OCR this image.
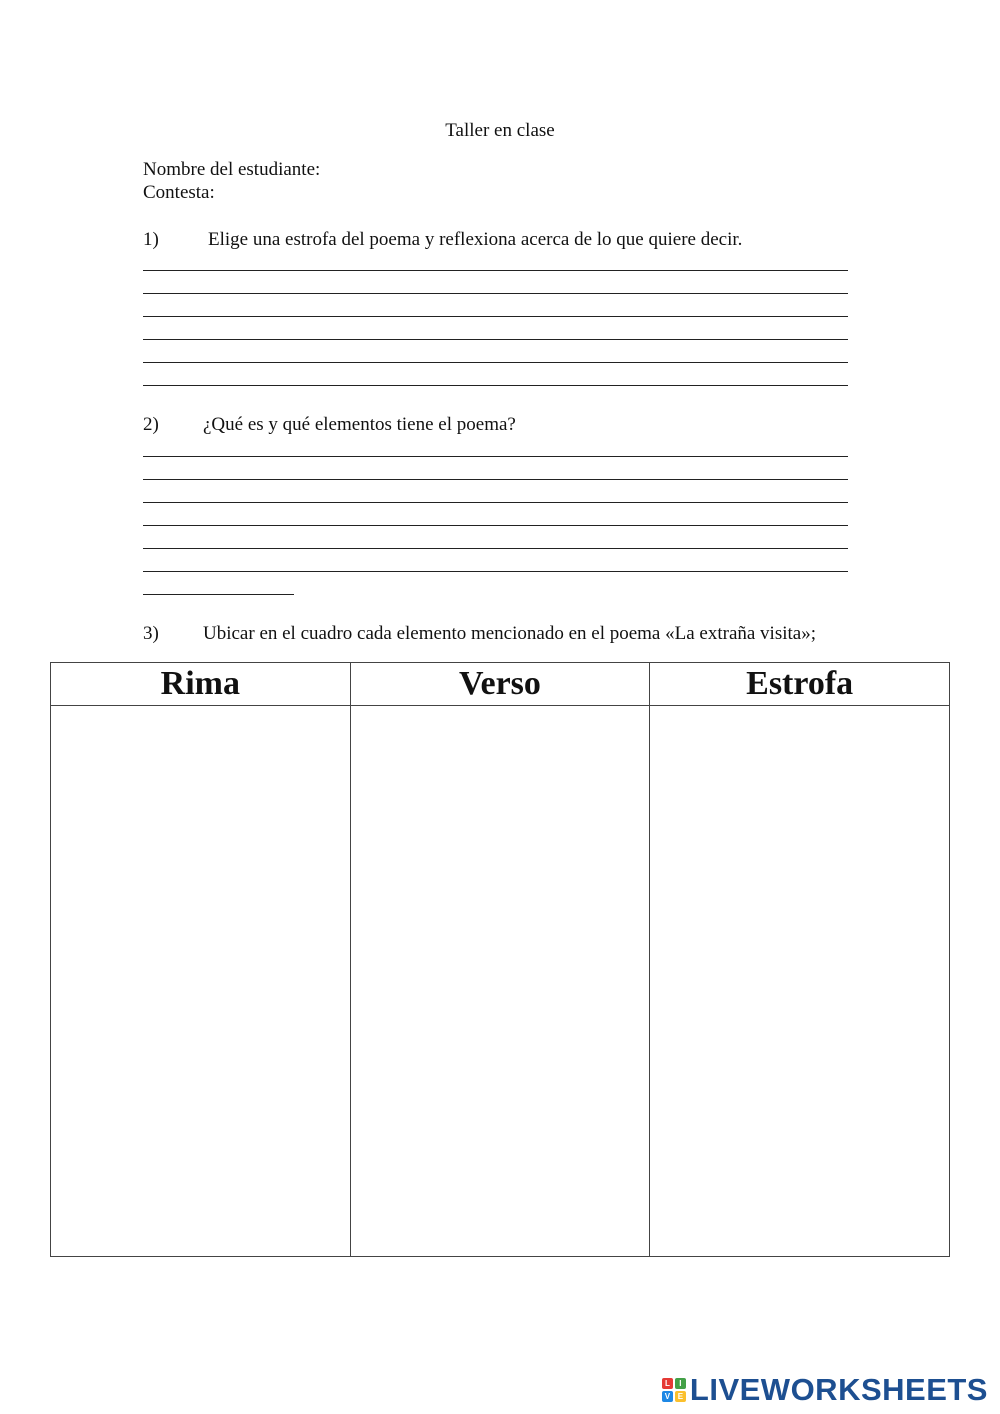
Taller en clase
Nombre del estudiante:
Contesta:
1)	Elige una estrofa del poema y reflexiona acerca de lo que quiere decir.
2) ¿Qué es y qué elementos tiene el poema?
3) Ubicar en el cuadro cada elemento mencionado en el poema «La extraña visita»;
Rima	Verso	Estrofa

L	I
V E LIVEWORKSHEETS
